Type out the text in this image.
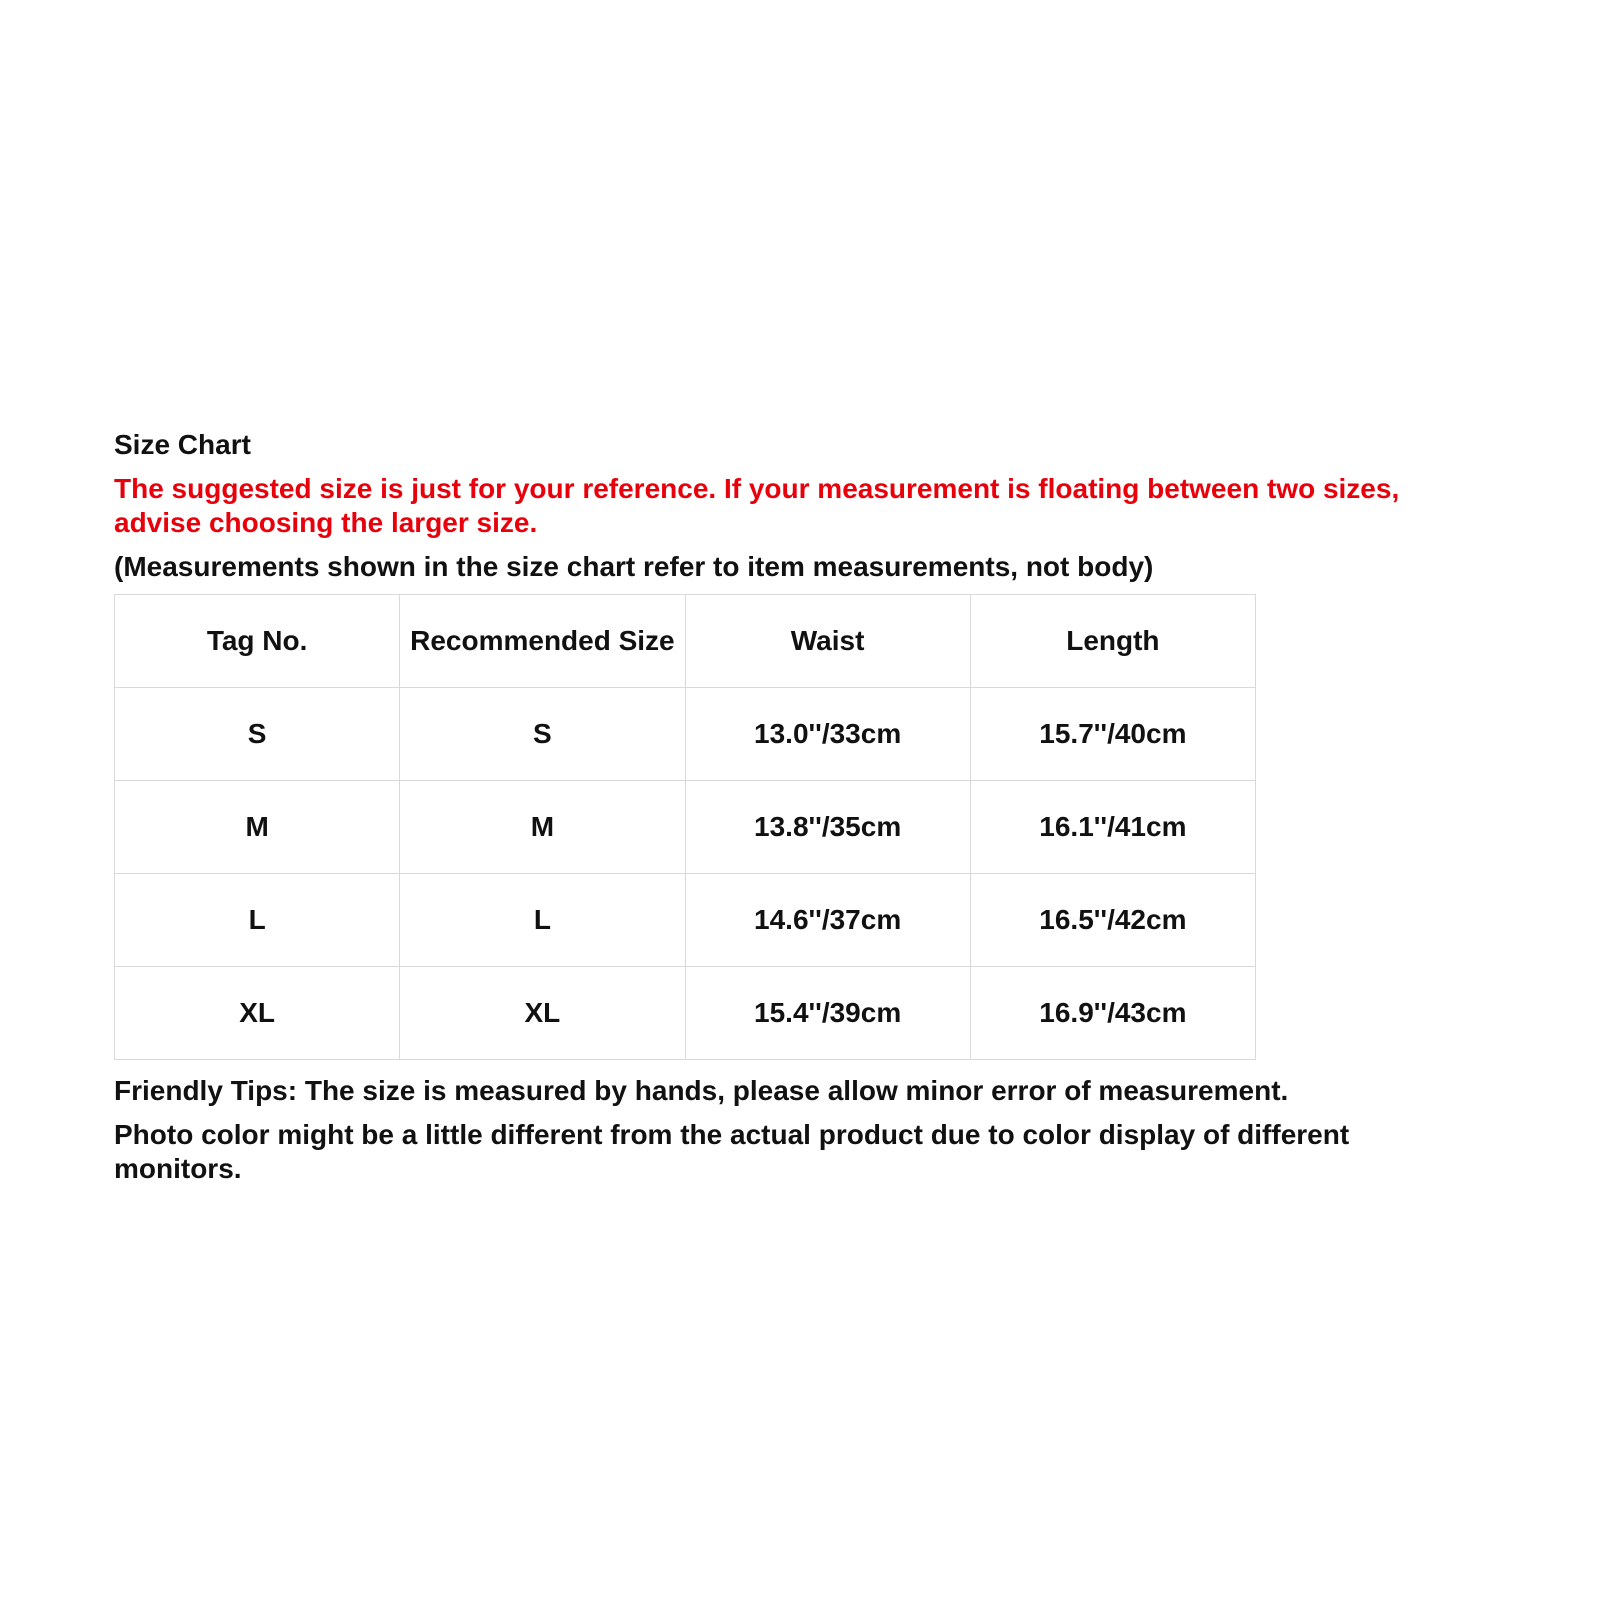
Size Chart
The suggested size is just for your reference. If your measurement is floating between two sizes, advise choosing the larger size.
(Measurements shown in the size chart refer to item measurements, not body)
Tag No.	Recommended Size	Waist	Length
S	S	13.0''/33cm	15.7''/40cm
M	M	13.8''/35cm	16.1''/41cm
L	L	14.6''/37cm	16.5''/42cm
XL	XL	15.4''/39cm	16.9''/43cm
Friendly Tips: The size is measured by hands, please allow minor error of measurement.
Photo color might be a little different from the actual product due to color display of different monitors.
